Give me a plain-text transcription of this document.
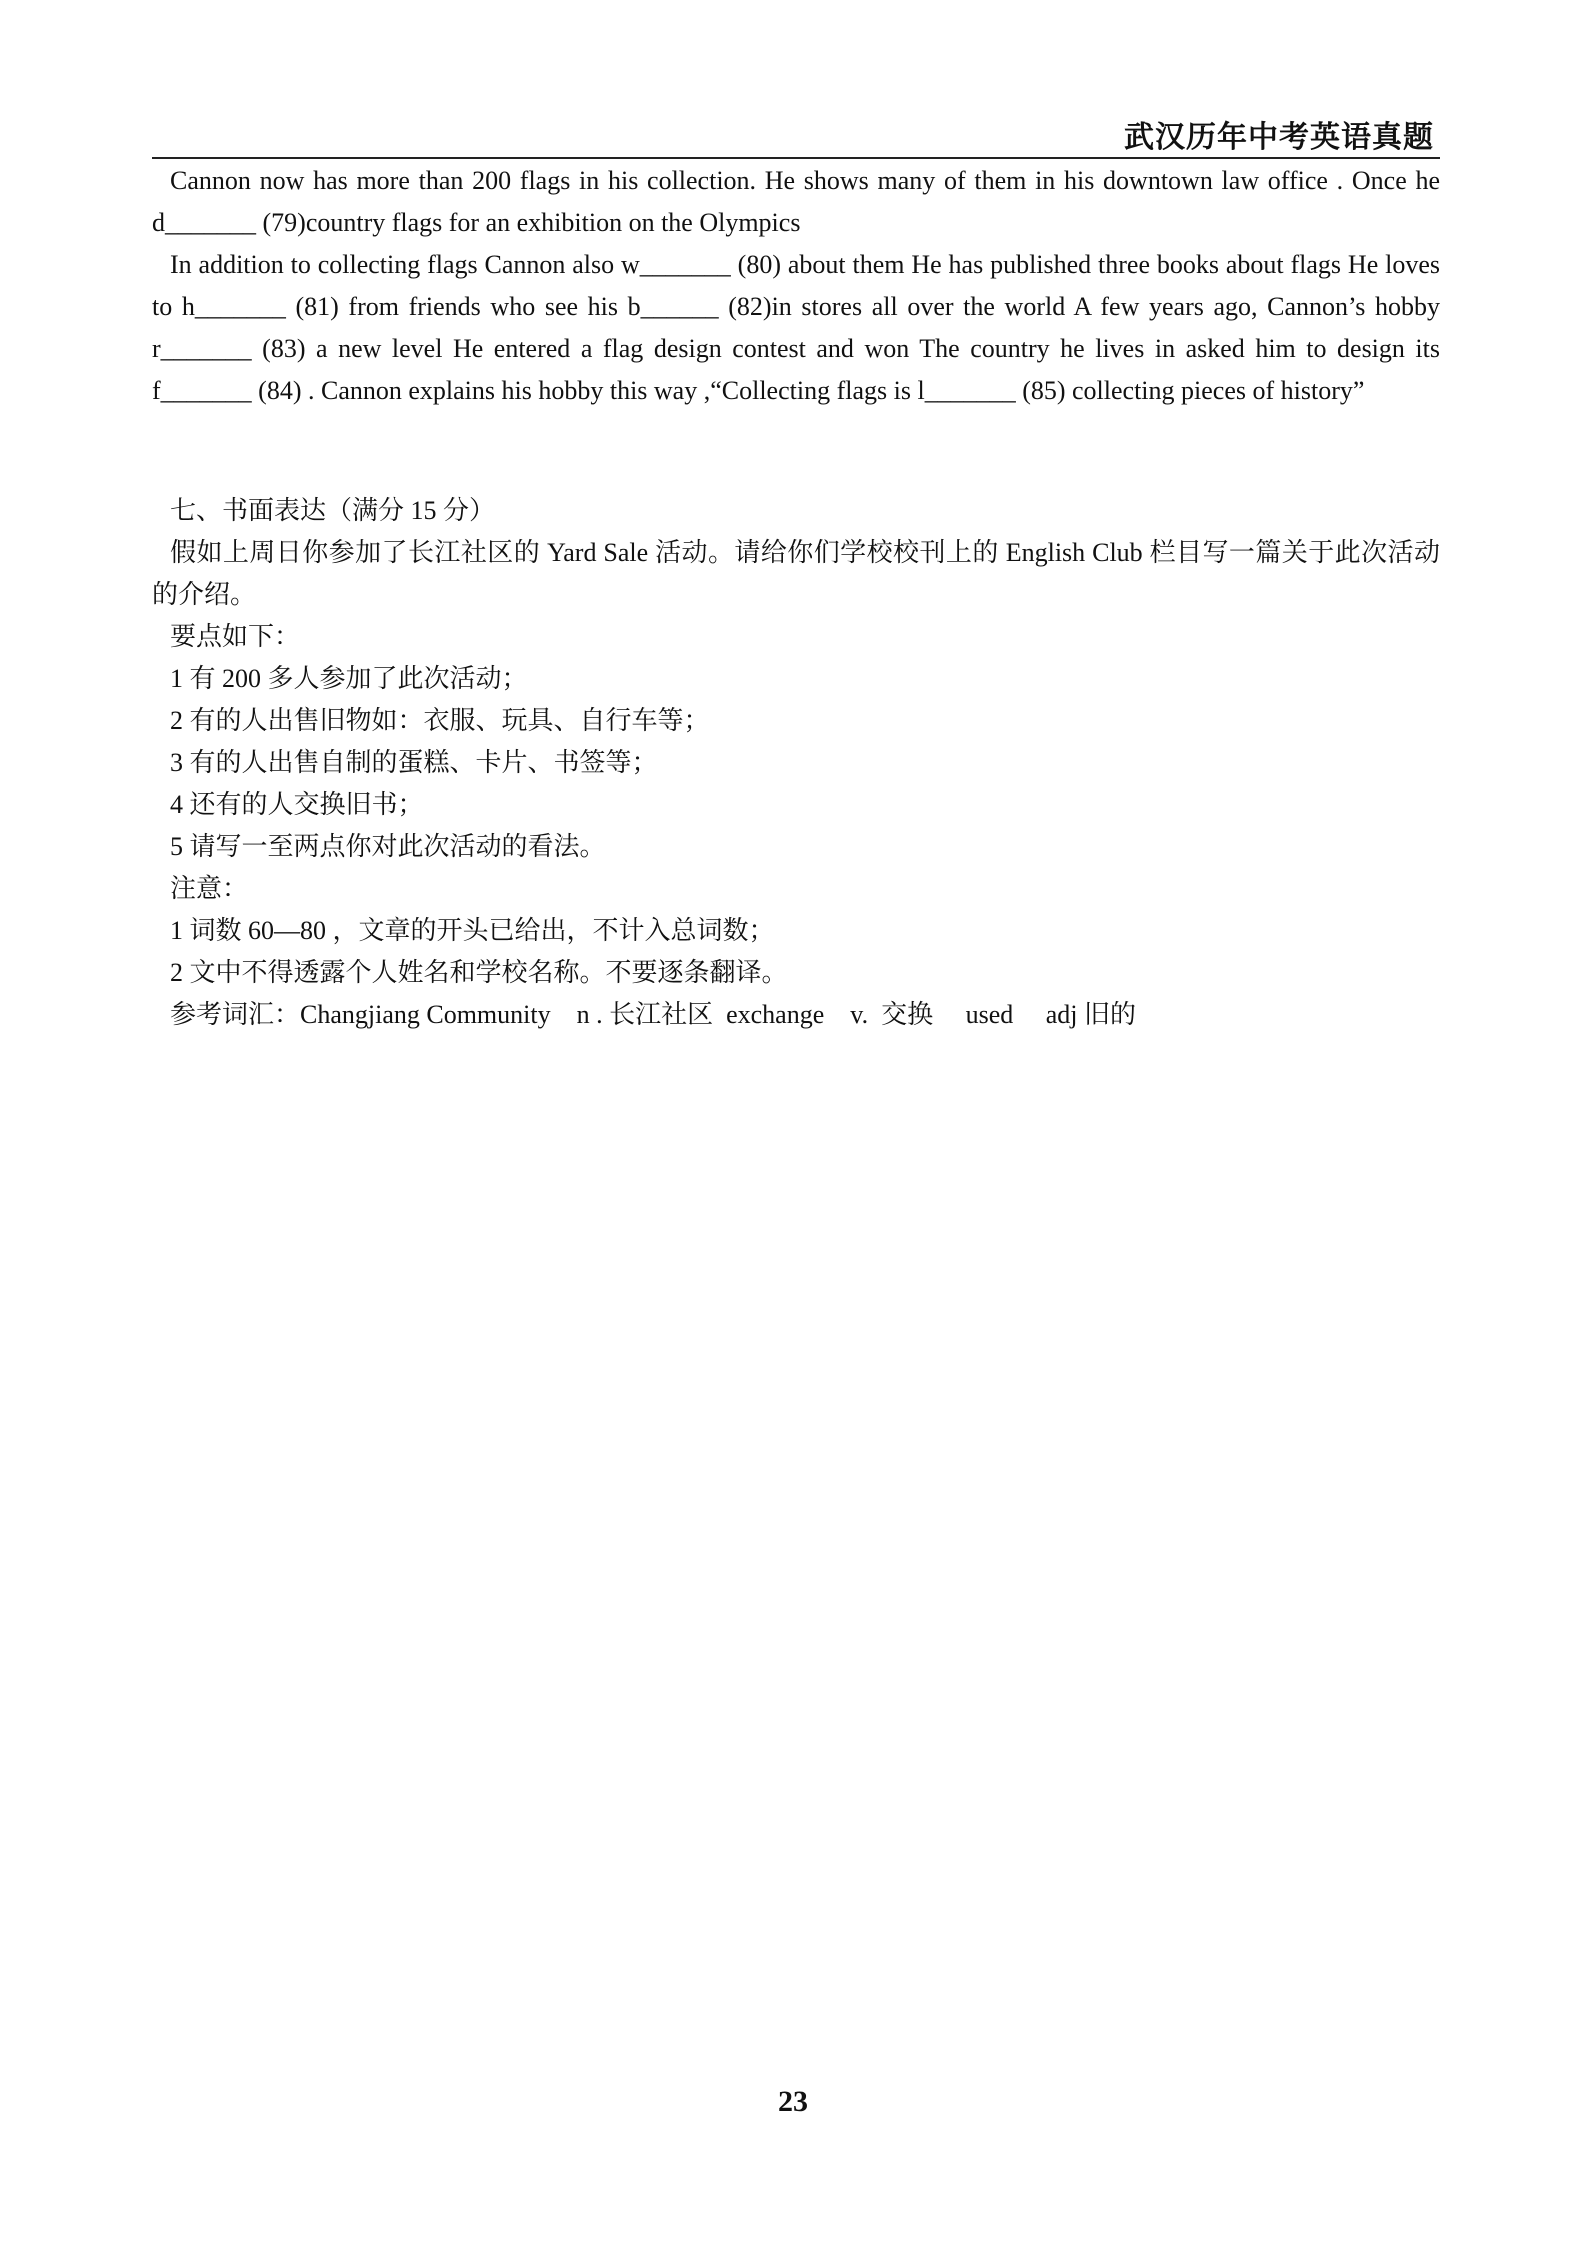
武汉历年中考英语真题

Cannon now has more than 200 flags in his collection. He shows many of them in his downtown law office . Once he d_______ (79)country flags for an exhibition on the Olympics

In addition to collecting flags Cannon also w_______ (80) about them He has published three books about flags He loves to h_______ (81) from friends who see his b______ (82)in stores all over the world A few years ago, Cannon’s hobby r_______ (83) a new level He entered a flag design contest and won The country he lives in asked him to design its f_______ (84) . Cannon explains his hobby this way ,“Collecting flags is l_______ (85) collecting pieces of history”

七、书面表达（满分 15 分）
假如上周日你参加了长江社区的 Yard Sale 活动。请给你们学校校刊上的 English Club 栏目写一篇关于此次活动的介绍。
要点如下：
1 有 200 多人参加了此次活动；
2 有的人出售旧物如：衣服、玩具、自行车等；
3 有的人出售自制的蛋糕、卡片、书签等；
4 还有的人交换旧书；
5 请写一至两点你对此次活动的看法。
注意：
1 词数 60—80 ，文章的开头已给出，不计入总词数；
2 文中不得透露个人姓名和学校名称。不要逐条翻译。
参考词汇：Changjiang Community    n . 长江社区  exchange    v.  交换     used     adj 旧的
23
